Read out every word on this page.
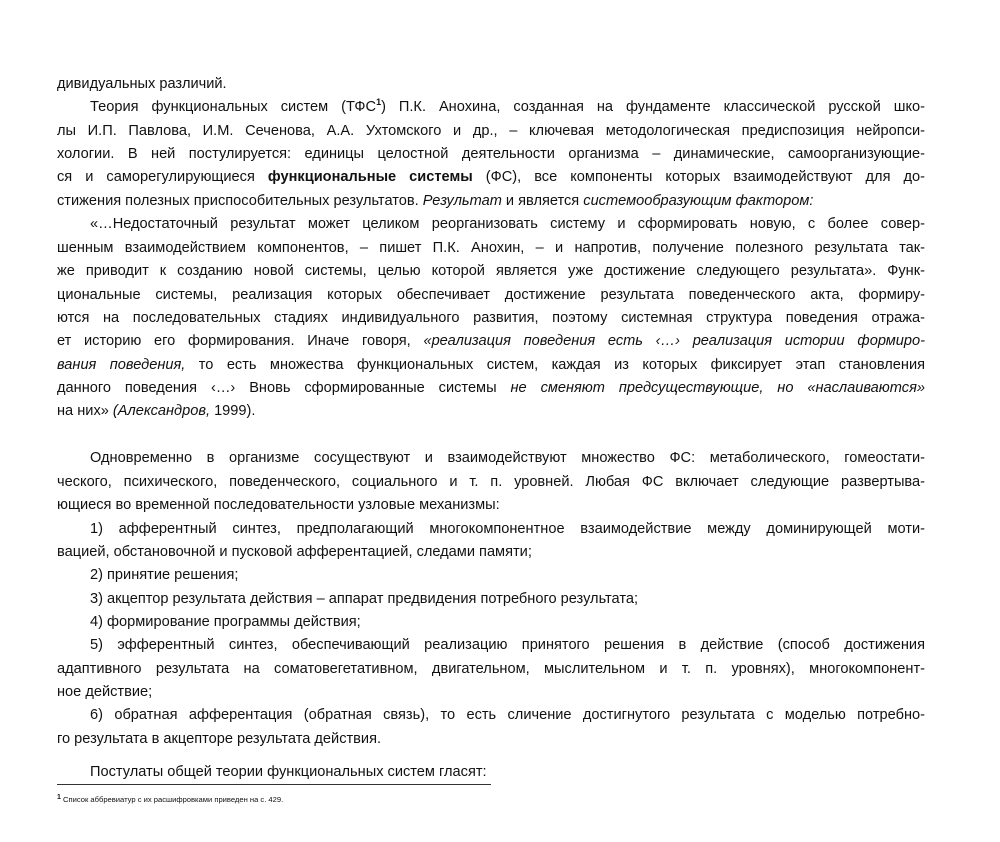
дивидуальных различий.
Теория функциональных систем (ТФС$^1$) П.К. Анохина, созданная на фундаменте классической русской шко-
лы И.П. Павлова, И.М. Сеченова, А.А. Ухтомского и др., – ключевая методологическая предиспозиция нейропси-
хологии. В ней постулируется: единицы целостной деятельности организма – динамические, самоорганизующие-
ся и саморегулирующиеся функциональные системы (ФС), все компоненты которых взаимодействуют для до-
стижения полезных приспособительных результатов. Результат и является системообразующим фактором:
«…Недостаточный результат может целиком реорганизовать систему и сформировать новую, с более совер-
шенным взаимодействием компонентов, – пишет П.К. Анохин, – и напротив, получение полезного результата так-
же приводит к созданию новой системы, целью которой является уже достижение следующего результата». Функ-
циональные системы, реализация которых обеспечивает достижение результата поведенческого акта, формиру-
ются на последовательных стадиях индивидуального развития, поэтому системная структура поведения отража-
ет историю его формирования. Иначе говоря, «реализация поведения есть ‹…› реализация истории формиро-
вания поведения, то есть множества функциональных систем, каждая из которых фиксирует этап становления
данного поведения ‹…› Вновь сформированные системы не сменяют предсуществующие, но «наслаиваются»
на них» (Александров, 1999).
Одновременно в организме сосуществуют и взаимодействуют множество ФС: метаболического, гомеостати-
ческого, психического, поведенческого, социального и т. п. уровней. Любая ФС включает следующие развертыва-
ющиеся во временной последовательности узловые механизмы:
1) афферентный синтез, предполагающий многокомпонентное взаимодействие между доминирующей моти-
вацией, обстановочной и пусковой афферентацией, следами памяти;
2) принятие решения;
3) акцептор результата действия – аппарат предвидения потребного результата;
4) формирование программы действия;
5) эфферентный синтез, обеспечивающий реализацию принятого решения в действие (способ достижения
адаптивного результата на соматовегетативном, двигательном, мыслительном и т. п. уровнях), многокомпонент-
ное действие;
6) обратная афферентация (обратная связь), то есть сличение достигнутого результата с моделью потребно-
го результата в акцепторе результата действия.
Постулаты общей теории функциональных систем гласят:
$^1$ Список аббревиатур с их расшифровками приведен на с. 429.
